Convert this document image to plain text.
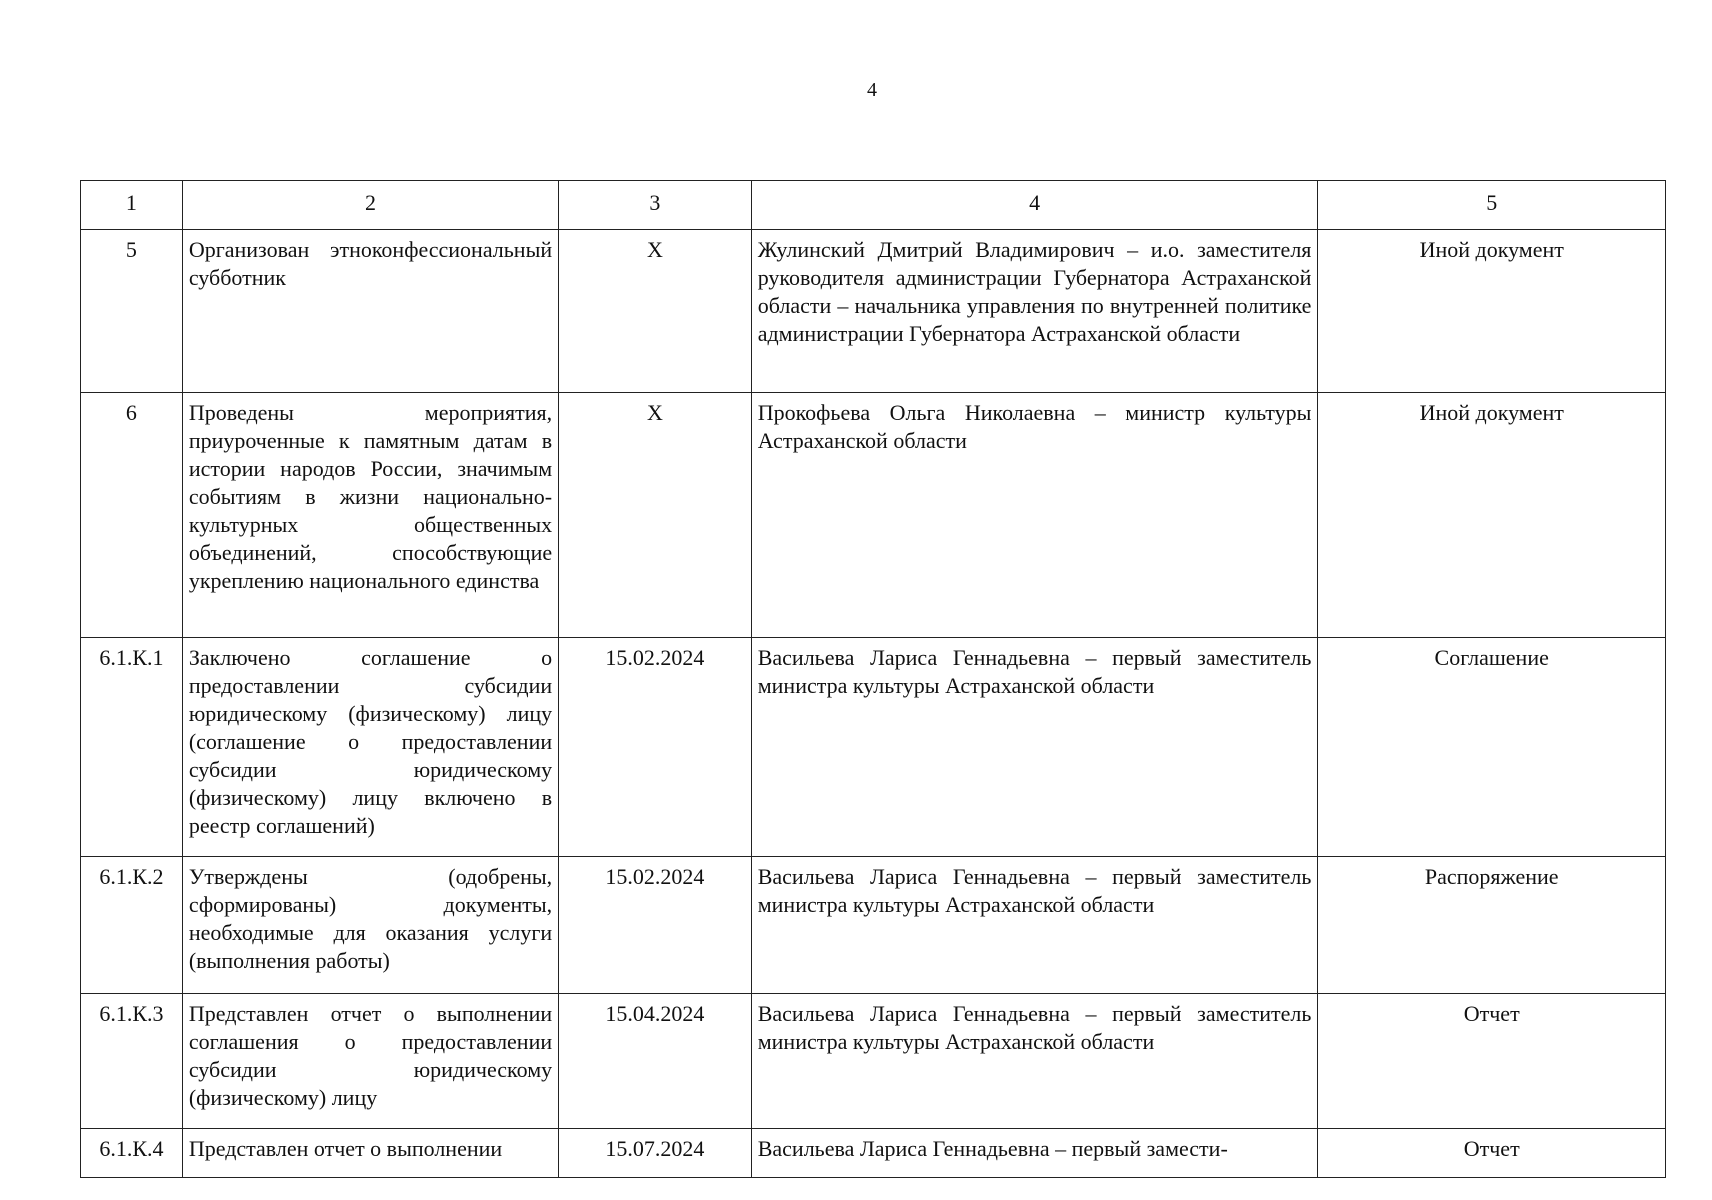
4
1	2	3	4	5
5	Организован этноконфессиональный субботник	X	Жулинский Дмитрий Владимирович – и.о. заместителя руководителя администрации Губернатора Астраханской области – начальника управления по внутренней политике администрации Губернатора Астраханской области	Иной документ
6	Проведены мероприятия, приуроченные к памятным датам в истории народов России, значимым событиям в жизни национально-культурных общественных объединений, способствующие укреплению национального единства	X	Прокофьева Ольга Николаевна – министр культуры Астраханской области	Иной документ
6.1.К.1	Заключено соглашение о предоставлении субсидии юридическому (физическому) лицу (соглашение о предоставлении субсидии юридическому (физическому) лицу включено в реестр соглашений)	15.02.2024	Васильева Лариса Геннадьевна – первый заместитель министра культуры Астраханской области	Соглашение
6.1.К.2	Утверждены (одобрены, сформированы) документы, необходимые для оказания услуги (выполнения работы)	15.02.2024	Васильева Лариса Геннадьевна – первый заместитель министра культуры Астраханской области	Распоряжение
6.1.К.3	Представлен отчет о выполнении соглашения о предоставлении субсидии юридическому (физическому) лицу	15.04.2024	Васильева Лариса Геннадьевна – первый заместитель министра культуры Астраханской области	Отчет
6.1.К.4	Представлен отчет о выполнении	15.07.2024	Васильева Лариса Геннадьевна – первый замести-	Отчет
